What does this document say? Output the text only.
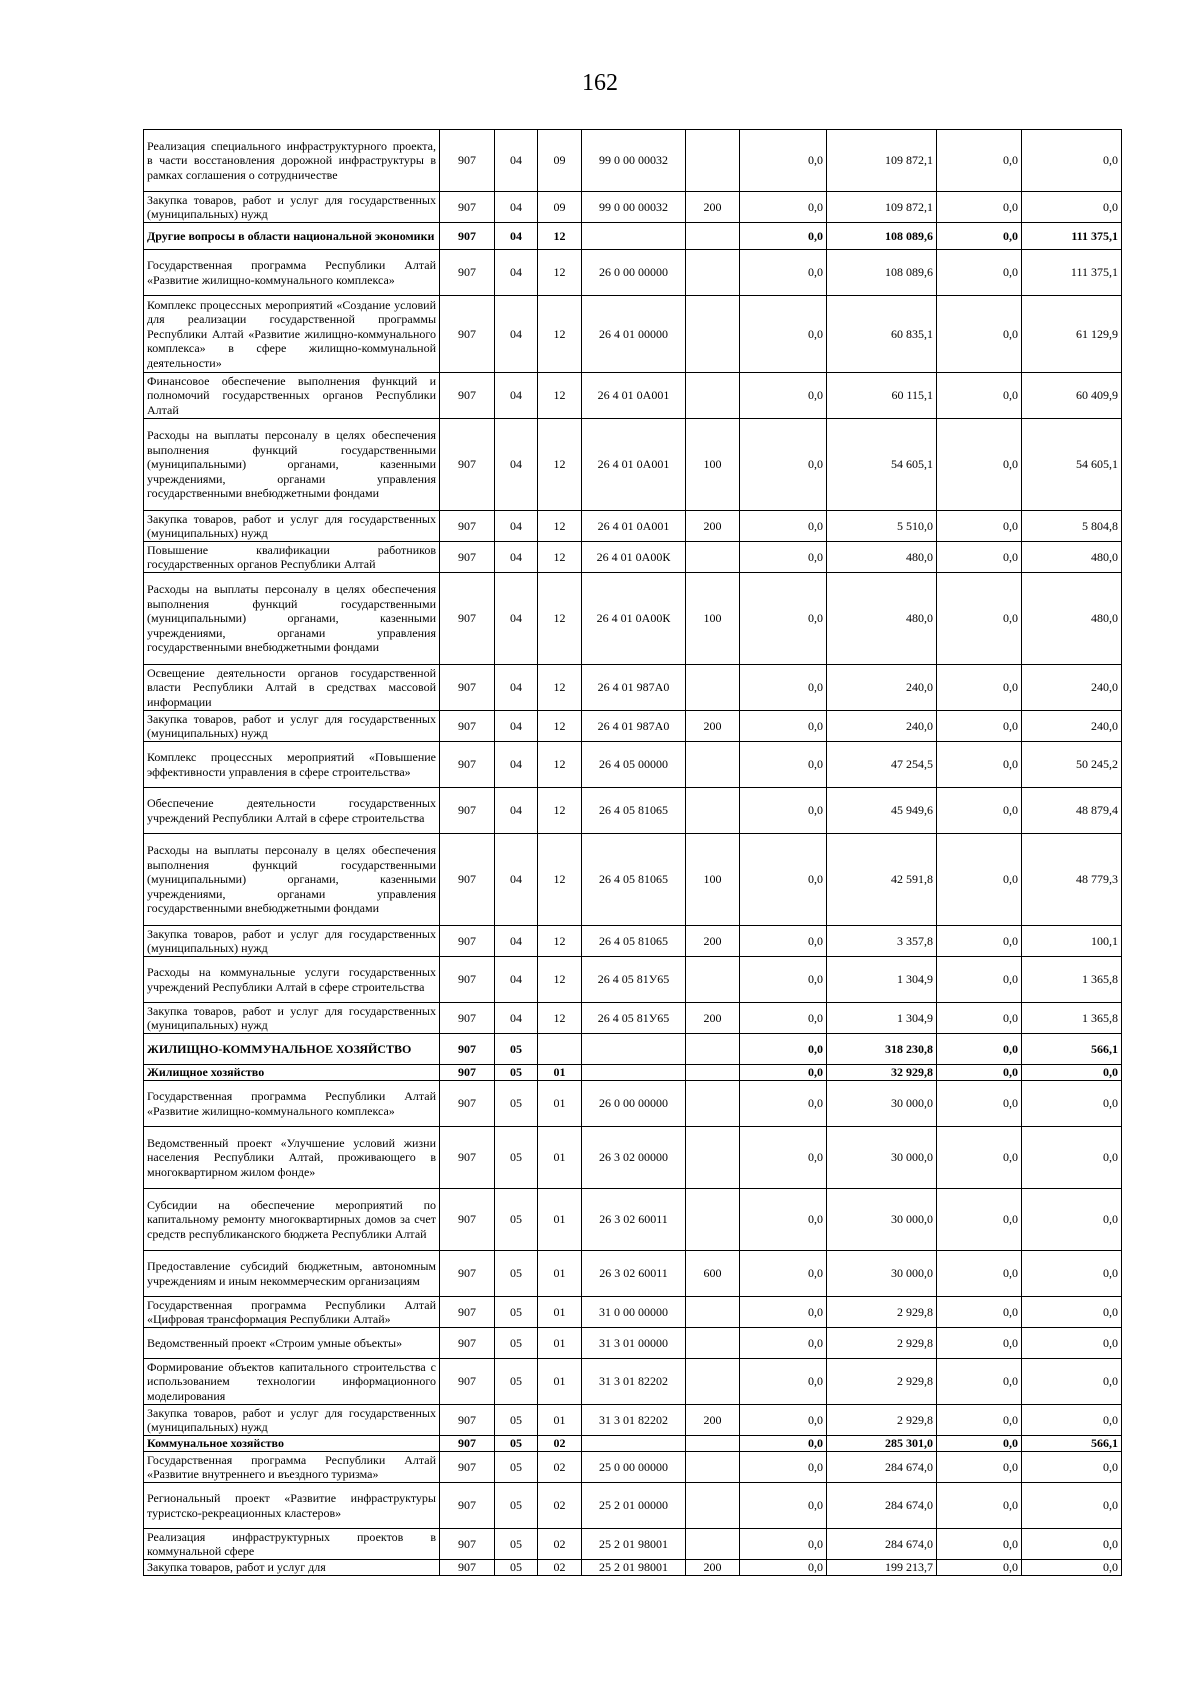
162
Реализация специального инфраструктурного проекта, в части восстановления дорожной инфраструктуры в рамках соглашения о сотрудничестве	907	04	09	99 0 00 00032		0,0	109 872,1	0,0	0,0
Закупка товаров, работ и услуг для государственных (муниципальных) нужд	907	04	09	99 0 00 00032	200	0,0	109 872,1	0,0	0,0
Другие вопросы в области национальной экономики	907	04	12			0,0	108 089,6	0,0	111 375,1
Государственная программа Республики Алтай «Развитие жилищно-коммунального комплекса»	907	04	12	26 0 00 00000		0,0	108 089,6	0,0	111 375,1
Комплекс процессных мероприятий «Создание условий для реализации государственной программы Республики Алтай «Развитие жилищно-коммунального комплекса» в сфере жилищно-коммунальной деятельности»	907	04	12	26 4 01 00000		0,0	60 835,1	0,0	61 129,9
Финансовое обеспечение выполнения функций и полномочий государственных органов Республики Алтай	907	04	12	26 4 01 0А001		0,0	60 115,1	0,0	60 409,9
Расходы на выплаты персоналу в целях обеспечения выполнения функций государственными (муниципальными) органами, казенными учреждениями, органами управления государственными внебюджетными фондами	907	04	12	26 4 01 0А001	100	0,0	54 605,1	0,0	54 605,1
Закупка товаров, работ и услуг для государственных (муниципальных) нужд	907	04	12	26 4 01 0А001	200	0,0	5 510,0	0,0	5 804,8
Повышение квалификации работников государственных органов Республики Алтай	907	04	12	26 4 01 0А00К		0,0	480,0	0,0	480,0
Расходы на выплаты персоналу в целях обеспечения выполнения функций государственными (муниципальными) органами, казенными учреждениями, органами управления государственными внебюджетными фондами	907	04	12	26 4 01 0А00К	100	0,0	480,0	0,0	480,0
Освещение деятельности органов государственной власти Республики Алтай в средствах массовой информации	907	04	12	26 4 01 987А0		0,0	240,0	0,0	240,0
Закупка товаров, работ и услуг для государственных (муниципальных) нужд	907	04	12	26 4 01 987А0	200	0,0	240,0	0,0	240,0
Комплекс процессных мероприятий «Повышение эффективности управления в сфере строительства»	907	04	12	26 4 05 00000		0,0	47 254,5	0,0	50 245,2
Обеспечение деятельности государственных учреждений Республики Алтай в сфере строительства	907	04	12	26 4 05 81065		0,0	45 949,6	0,0	48 879,4
Расходы на выплаты персоналу в целях обеспечения выполнения функций государственными (муниципальными) органами, казенными учреждениями, органами управления государственными внебюджетными фондами	907	04	12	26 4 05 81065	100	0,0	42 591,8	0,0	48 779,3
Закупка товаров, работ и услуг для государственных (муниципальных) нужд	907	04	12	26 4 05 81065	200	0,0	3 357,8	0,0	100,1
Расходы на коммунальные услуги государственных учреждений Республики Алтай в сфере строительства	907	04	12	26 4 05 81У65		0,0	1 304,9	0,0	1 365,8
Закупка товаров, работ и услуг для государственных (муниципальных) нужд	907	04	12	26 4 05 81У65	200	0,0	1 304,9	0,0	1 365,8
ЖИЛИЩНО-КОММУНАЛЬНОЕ ХОЗЯЙСТВО	907	05				0,0	318 230,8	0,0	566,1
Жилищное хозяйство	907	05	01			0,0	32 929,8	0,0	0,0
Государственная программа Республики Алтай «Развитие жилищно-коммунального комплекса»	907	05	01	26 0 00 00000		0,0	30 000,0	0,0	0,0
Ведомственный проект «Улучшение условий жизни населения Республики Алтай, проживающего в многоквартирном жилом фонде»	907	05	01	26 3 02 00000		0,0	30 000,0	0,0	0,0
Субсидии на обеспечение мероприятий по капитальному ремонту многоквартирных домов за счет средств республиканского бюджета Республики Алтай	907	05	01	26 3 02 60011		0,0	30 000,0	0,0	0,0
Предоставление субсидий бюджетным, автономным учреждениям и иным некоммерческим организациям	907	05	01	26 3 02 60011	600	0,0	30 000,0	0,0	0,0
Государственная программа Республики Алтай «Цифровая трансформация Республики Алтай»	907	05	01	31 0 00 00000		0,0	2 929,8	0,0	0,0
Ведомственный проект «Строим умные объекты»	907	05	01	31 3 01 00000		0,0	2 929,8	0,0	0,0
Формирование объектов капитального строительства с использованием технологии информационного моделирования	907	05	01	31 3 01 82202		0,0	2 929,8	0,0	0,0
Закупка товаров, работ и услуг для государственных (муниципальных) нужд	907	05	01	31 3 01 82202	200	0,0	2 929,8	0,0	0,0
Коммунальное хозяйство	907	05	02			0,0	285 301,0	0,0	566,1
Государственная программа Республики Алтай «Развитие внутреннего и въездного туризма»	907	05	02	25 0 00 00000		0,0	284 674,0	0,0	0,0
Региональный проект «Развитие инфраструктуры туристско-рекреационных кластеров»	907	05	02	25 2 01 00000		0,0	284 674,0	0,0	0,0
Реализация инфраструктурных проектов в коммунальной сфере	907	05	02	25 2 01 98001		0,0	284 674,0	0,0	0,0
Закупка товаров, работ и услуг для	907	05	02	25 2 01 98001	200	0,0	199 213,7	0,0	0,0
